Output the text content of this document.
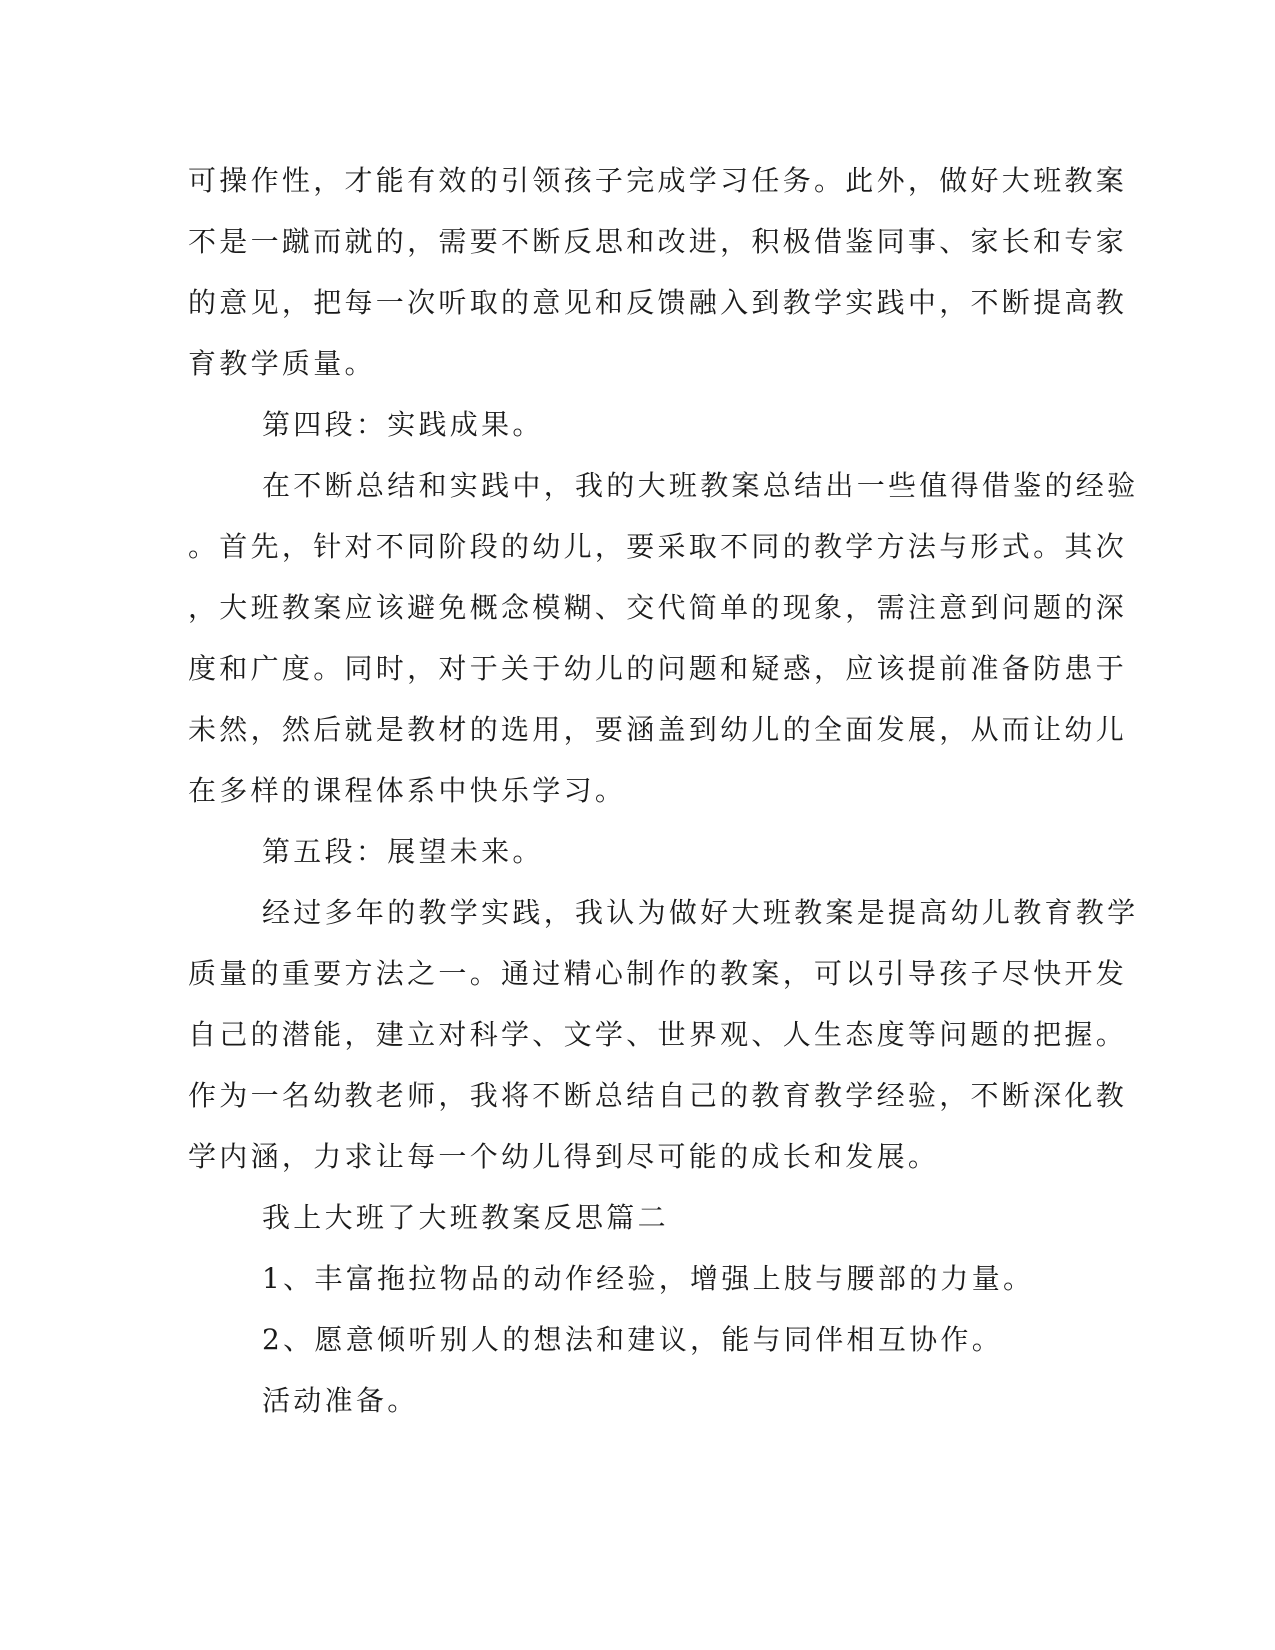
可操作性，才能有效的引领孩子完成学习任务。此外，做好大班教案
不是一蹴而就的，需要不断反思和改进，积极借鉴同事、家长和专家
的意见，把每一次听取的意见和反馈融入到教学实践中，不断提高教
育教学质量。
第四段：实践成果。
在不断总结和实践中，我的大班教案总结出一些值得借鉴的经验
。首先，针对不同阶段的幼儿，要采取不同的教学方法与形式。其次
，大班教案应该避免概念模糊、交代简单的现象，需注意到问题的深
度和广度。同时，对于关于幼儿的问题和疑惑，应该提前准备防患于
未然，然后就是教材的选用，要涵盖到幼儿的全面发展，从而让幼儿
在多样的课程体系中快乐学习。
第五段：展望未来。
经过多年的教学实践，我认为做好大班教案是提高幼儿教育教学
质量的重要方法之一。通过精心制作的教案，可以引导孩子尽快开发
自己的潜能，建立对科学、文学、世界观、人生态度等问题的把握。
作为一名幼教老师，我将不断总结自己的教育教学经验，不断深化教
学内涵，力求让每一个幼儿得到尽可能的成长和发展。
我上大班了大班教案反思篇二
1、丰富拖拉物品的动作经验，增强上肢与腰部的力量。
2、愿意倾听别人的想法和建议，能与同伴相互协作。
活动准备。
